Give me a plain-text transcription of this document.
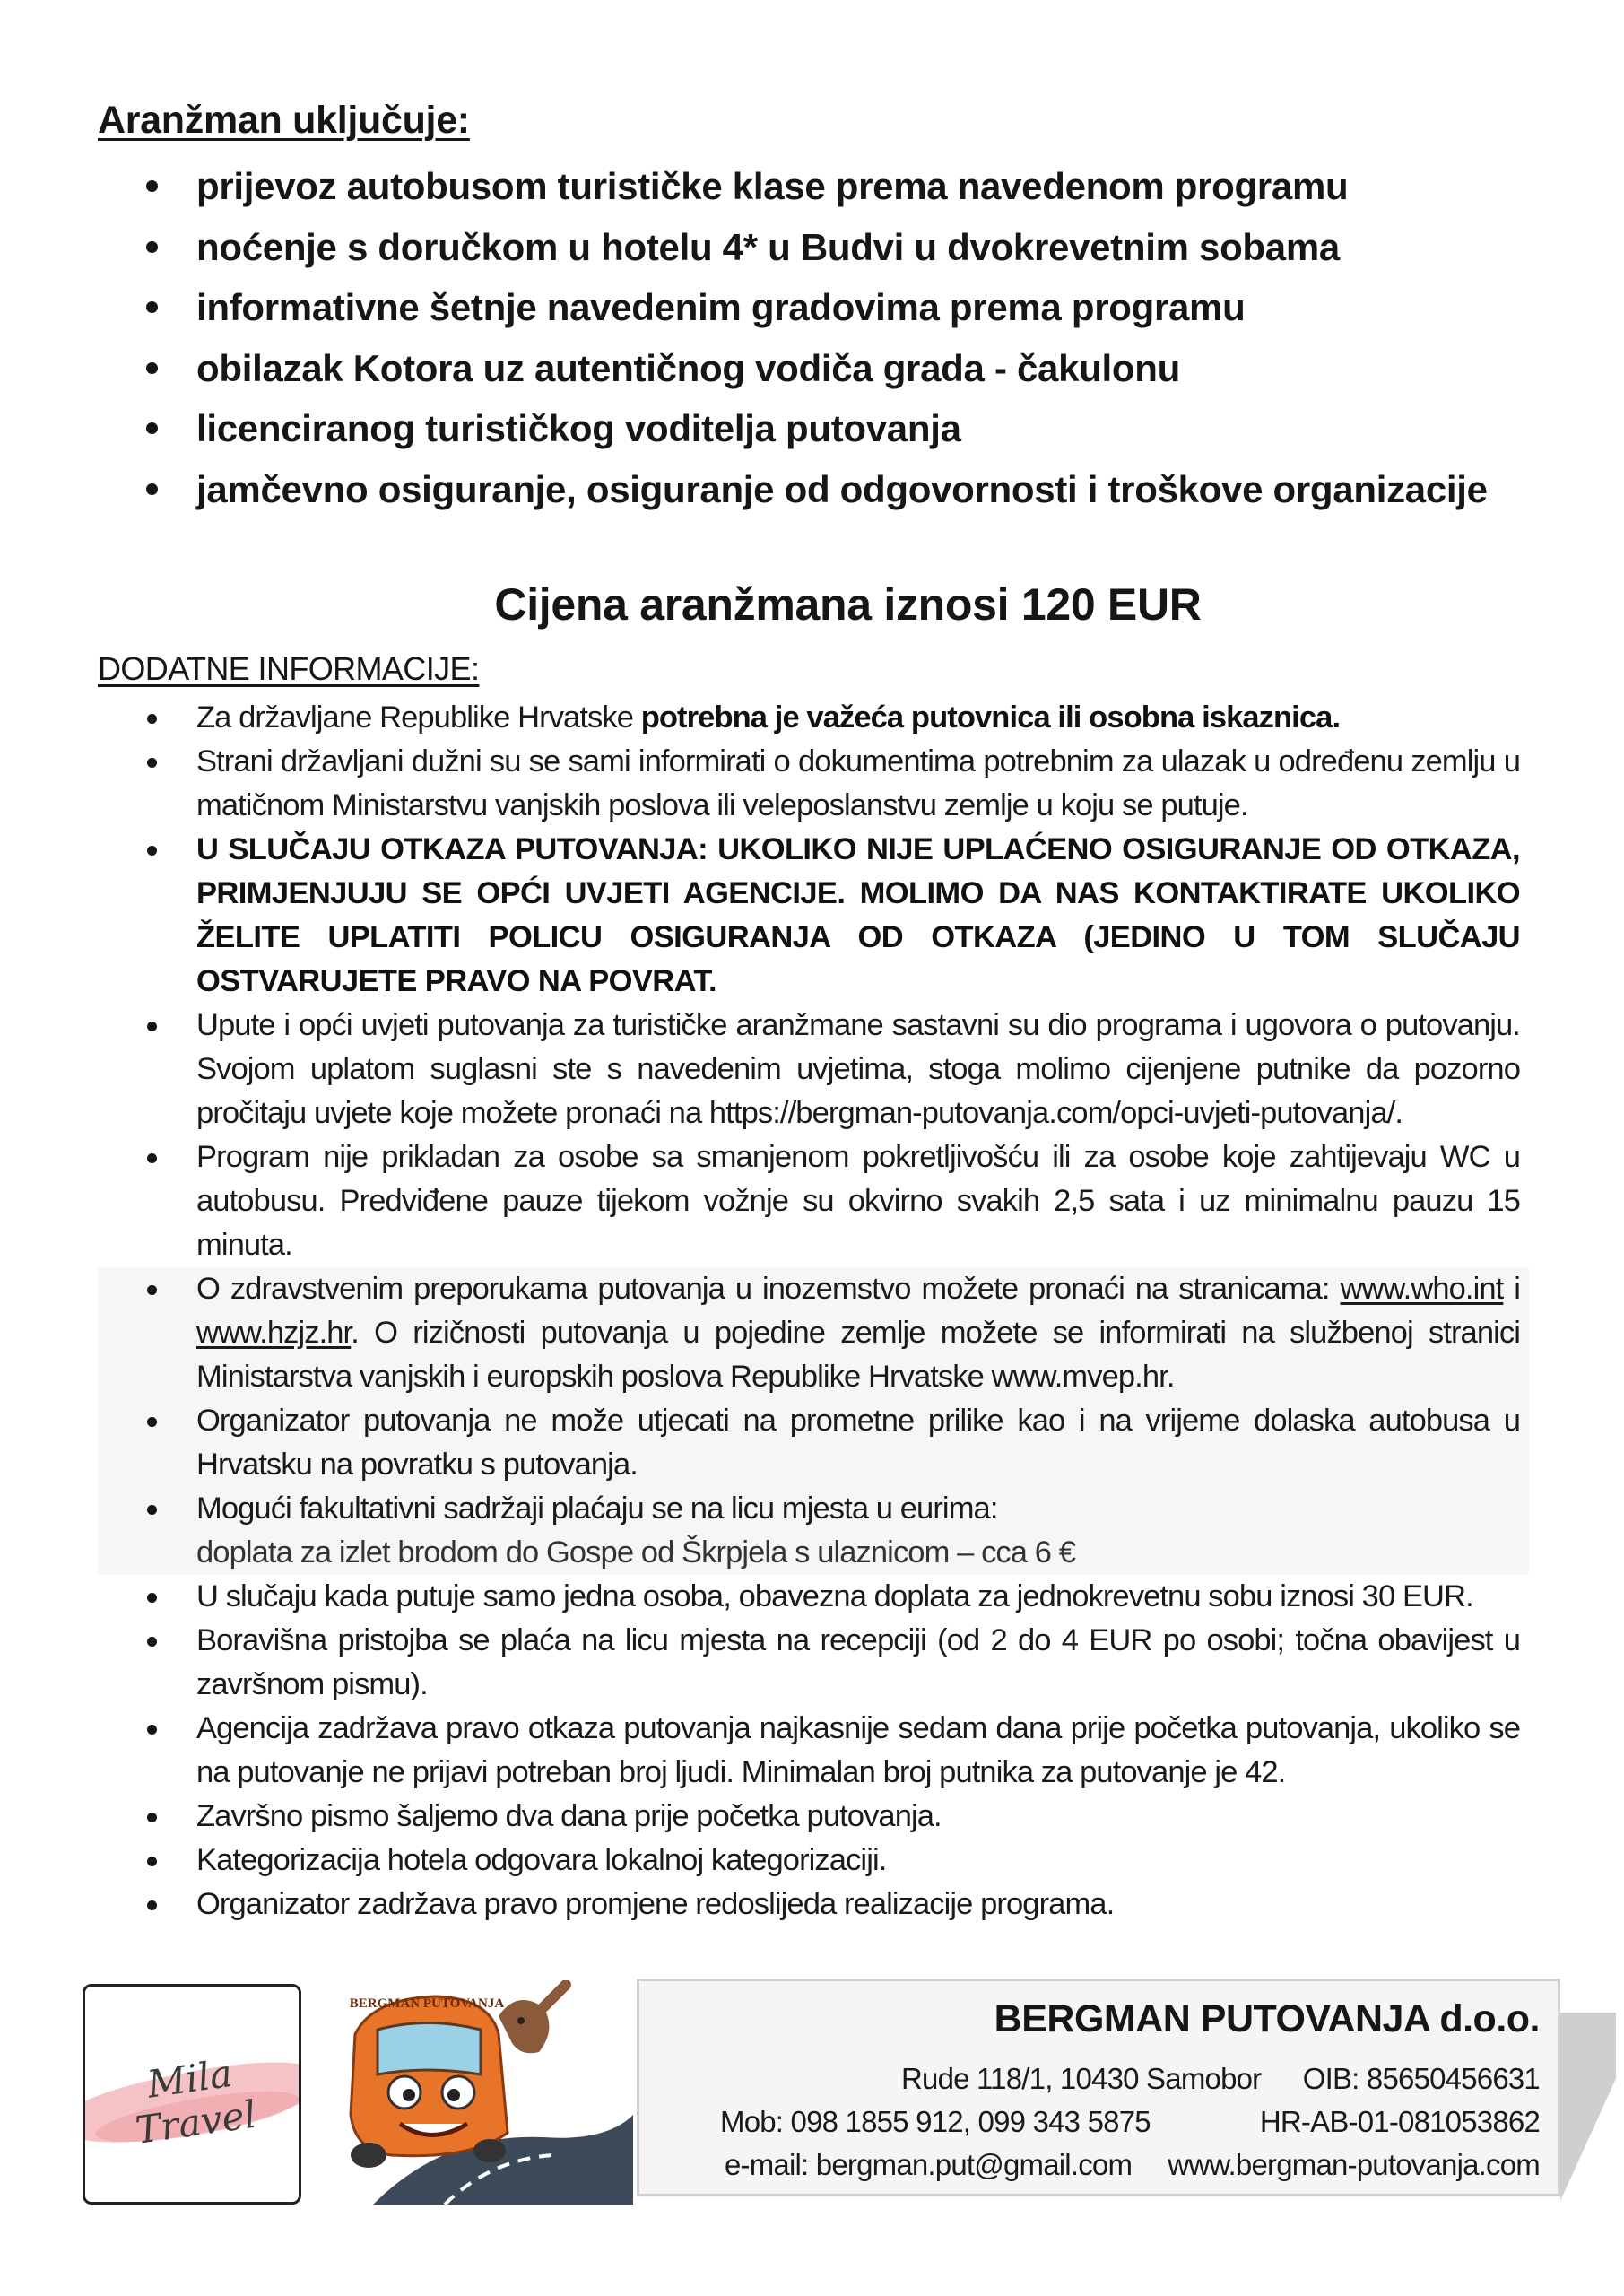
Aranžman uključuje:
prijevoz autobusom turističke klase prema navedenom programu
noćenje s doručkom u hotelu 4* u Budvi u dvokrevetnim sobama
informativne šetnje navedenim gradovima prema programu
obilazak Kotora uz autentičnog vodiča grada - čakulonu
licenciranog turističkog voditelja putovanja
jamčevno osiguranje, osiguranje od odgovornosti i troškove organizacije
Cijena aranžmana iznosi 120 EUR
DODATNE INFORMACIJE:
Za državljane Republike Hrvatske potrebna je važeća putovnica ili osobna iskaznica.
Strani državljani dužni su se sami informirati o dokumentima potrebnim za ulazak u određenu zemlju u matičnom Ministarstvu vanjskih poslova ili veleposlanstvu zemlje u koju se putuje.
U SLUČAJU OTKAZA PUTOVANJA: UKOLIKO NIJE UPLAĆENO OSIGURANJE OD OTKAZA, PRIMJENJUJU SE OPĆI UVJETI AGENCIJE. MOLIMO DA NAS KONTAKTIRATE UKOLIKO ŽELITE UPLATITI POLICU OSIGURANJA OD OTKAZA (JEDINO U TOM SLUČAJU OSTVARUJETE PRAVO NA POVRAT.
Upute i opći uvjeti putovanja za turističke aranžmane sastavni su dio programa i ugovora o putovanju. Svojom uplatom suglasni ste s navedenim uvjetima, stoga molimo cijenjene putnike da pozorno pročitaju uvjete koje možete pronaći na https://bergman-putovanja.com/opci-uvjeti-putovanja/.
Program nije prikladan za osobe sa smanjenom pokretljivošću ili za osobe koje zahtijevaju WC u autobusu. Predviđene pauze tijekom vožnje su okvirno svakih 2,5 sata i uz minimalnu pauzu 15 minuta.
O zdravstvenim preporukama putovanja u inozemstvo možete pronaći na stranicama: www.who.int i www.hzjz.hr. O rizičnosti putovanja u pojedine zemlje možete se informirati na službenoj stranici Ministarstva vanjskih i europskih poslova Republike Hrvatske www.mvep.hr.
Organizator putovanja ne može utjecati na prometne prilike kao i na vrijeme dolaska autobusa u Hrvatsku na povratku s putovanja.
Mogući fakultativni sadržaji plaćaju se na licu mjesta u eurima:
doplata za izlet brodom do Gospe od Škrpjela s ulaznicom – cca 6 €
U slučaju kada putuje samo jedna osoba, obavezna doplata za jednokrevetnu sobu iznosi 30 EUR.
Boravišna pristojba se plaća na licu mjesta na recepciji (od 2 do 4 EUR po osobi; točna obavijest u završnom pismu).
Agencija zadržava pravo otkaza putovanja najkasnije sedam dana prije početka putovanja, ukoliko se na putovanje ne prijavi potreban broj ljudi. Minimalan broj putnika za putovanje je 42.
Završno pismo šaljemo dva dana prije početka putovanja.
Kategorizacija hotela odgovara lokalnoj kategorizaciji.
Organizator zadržava pravo promjene redoslijeda realizacije programa.
Mila Travel
BERGMAN PUTOVANJA	BERGMAN PUTOVANJA d.o.o.
Rude 118/1, 10430 Samobor OIB: 85650456631
Mob: 098 1855 912, 099 343 5875	HR-AB-01-081053862
e-mail: bergman.put@gmail.com www.bergman-putovanja.com
